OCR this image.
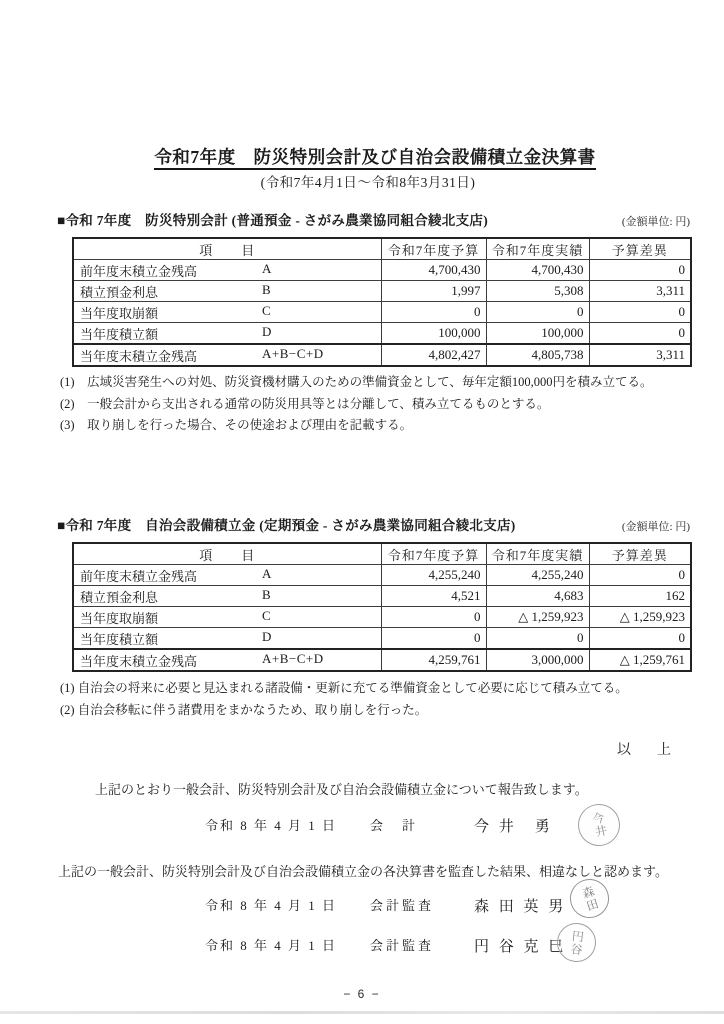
令和7年度　防災特別会計及び自治会設備積立金決算書
(令和7年4月1日～令和8年3月31日)
■令和 7年度　防災特別会計 (普通預金 - さがみ農業協同組合綾北支店)	(金額単位: 円)
項　　目	令和7年度予算	令和7年度実績	予算差異
前年度末積立金残高 A	4,700,430	4,700,430	0
積立預金利息 B	1,997	5,308	3,311
当年度取崩額 C	0	0	0
当年度積立額 D	100,000	100,000	0
当年度末積立金残高 A+B−C+D	4,802,427	4,805,738	3,311
(1)　広域災害発生への対処、防災資機材購入のための準備資金として、毎年定額100,000円を積み立てる。
(2)　一般会計から支出される通常の防災用具等とは分離して、積み立てるものとする。
(3)　取り崩しを行った場合、その使途および理由を記載する。
■令和 7年度　自治会設備積立金 (定期預金 - さがみ農業協同組合綾北支店)	(金額単位: 円)
項　　目	令和7年度予算	令和7年度実績	予算差異
前年度末積立金残高 A	4,255,240	4,255,240	0
積立預金利息 B	4,521	4,683	162
当年度取崩額 C	0	△ 1,259,923	△ 1,259,923
当年度積立額 D	0	0	0
当年度末積立金残高 A+B−C+D	4,259,761	3,000,000	△ 1,259,761
(1) 自治会の将来に必要と見込まれる諸設備・更新に充てる準備資金として必要に応じて積み立てる。
(2) 自治会移転に伴う諸費用をまかなうため、取り崩しを行った。
以　上
上記のとおり一般会計、防災特別会計及び自治会設備積立金について報告致します。
令和 8 年 4 月 1 日	会　計	今 井　勇	今井
上記の一般会計、防災特別会計及び自治会設備積立金の各決算書を監査した結果、相違なしと認めます。
令和 8 年 4 月 1 日	会計監査	森 田 英 男	森田
令和 8 年 4 月 1 日	会計監査	円 谷 克 巳 円谷
− 6 −
